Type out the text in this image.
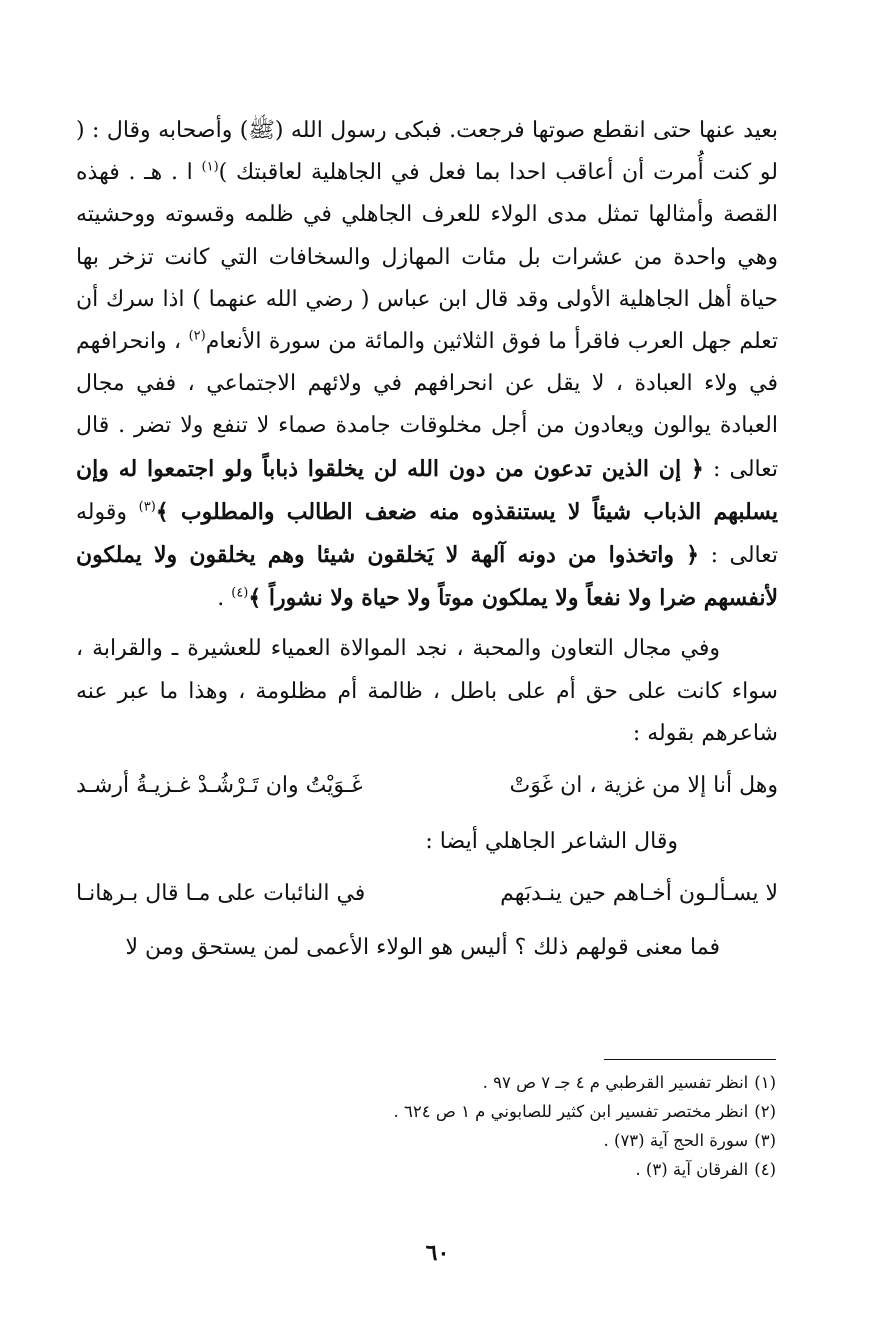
بعيد عنها حتى انقطع صوتها فرجعت. فبكى رسول الله (ﷺ) وأصحابه وقال : ( لو كنت أُمرت أن أعاقب احدا بما فعل في الجاهلية لعاقبتك )$^{(١)}$ ا . هـ . فهذه القصة وأمثالها تمثل مدى الولاء للعرف الجاهلي في ظلمه وقسوته ووحشيته وهي واحدة من عشرات بل مئات المهازل والسخافات التي كانت تزخر بها حياة أهل الجاهلية الأولى وقد قال ابن عباس ( رضي الله عنهما ) اذا سرك أن تعلم جهل العرب فاقرأ ما فوق الثلاثين والمائة من سورة الأنعام$^{(٢)}$ ، وانحرافهم في ولاء العبادة ، لا يقل عن انحرافهم في ولائهم الاجتماعي ، ففي مجال العبادة يوالون ويعادون من أجل مخلوقات جامدة صماء لا تنفع ولا تضر . قال تعالى : ﴿ إن الذين تدعون من دون الله لن يخلقوا ذباباً ولو اجتمعوا له وإن يسلبهم الذباب شيئاً لا يستنقذوه منه ضعف الطالب والمطلوب ﴾$^{(٣)}$ وقوله تعالى : ﴿ واتخذوا من دونه آلهة لا يَخلقون شيئا وهم يخلقون ولا يملكون لأنفسهم ضرا ولا نفعاً ولا يملكون موتاً ولا حياة ولا نشوراً ﴾$^{(٤)}$ .

وفي مجال التعاون والمحبة ، نجد الموالاة العمياء للعشيرة ـ والقرابة ، سواء كانت على حق أم على باطل ، ظالمة أم مظلومة ، وهذا ما عبر عنه شاعرهم بقوله :

وهل أنا إلا من غزية ، ان غَوَتْ
غَـوَيْتُ وان تَـرْشُـدْ غـزيـةُ أرشـد

وقال الشاعر الجاهلي أيضا :

لا يسـألـون أخـاهم حين ينـدبَهم
في النائبات على مـا قال بـرهانـا

فما معنى قولهم ذلك ؟ أليس هو الولاء الأعمى لمن يستحق ومن لا

(١)انظر تفسير القرطبي م ٤ جـ ٧ ص ٩٧ .
(٢)انظر مختصر تفسير ابن كثير للصابوني م ١ ص ٦٢٤ .
(٣)سورة الحج آية (٧٣) .
(٤)الفرقان آية (٣) .
٦٠
